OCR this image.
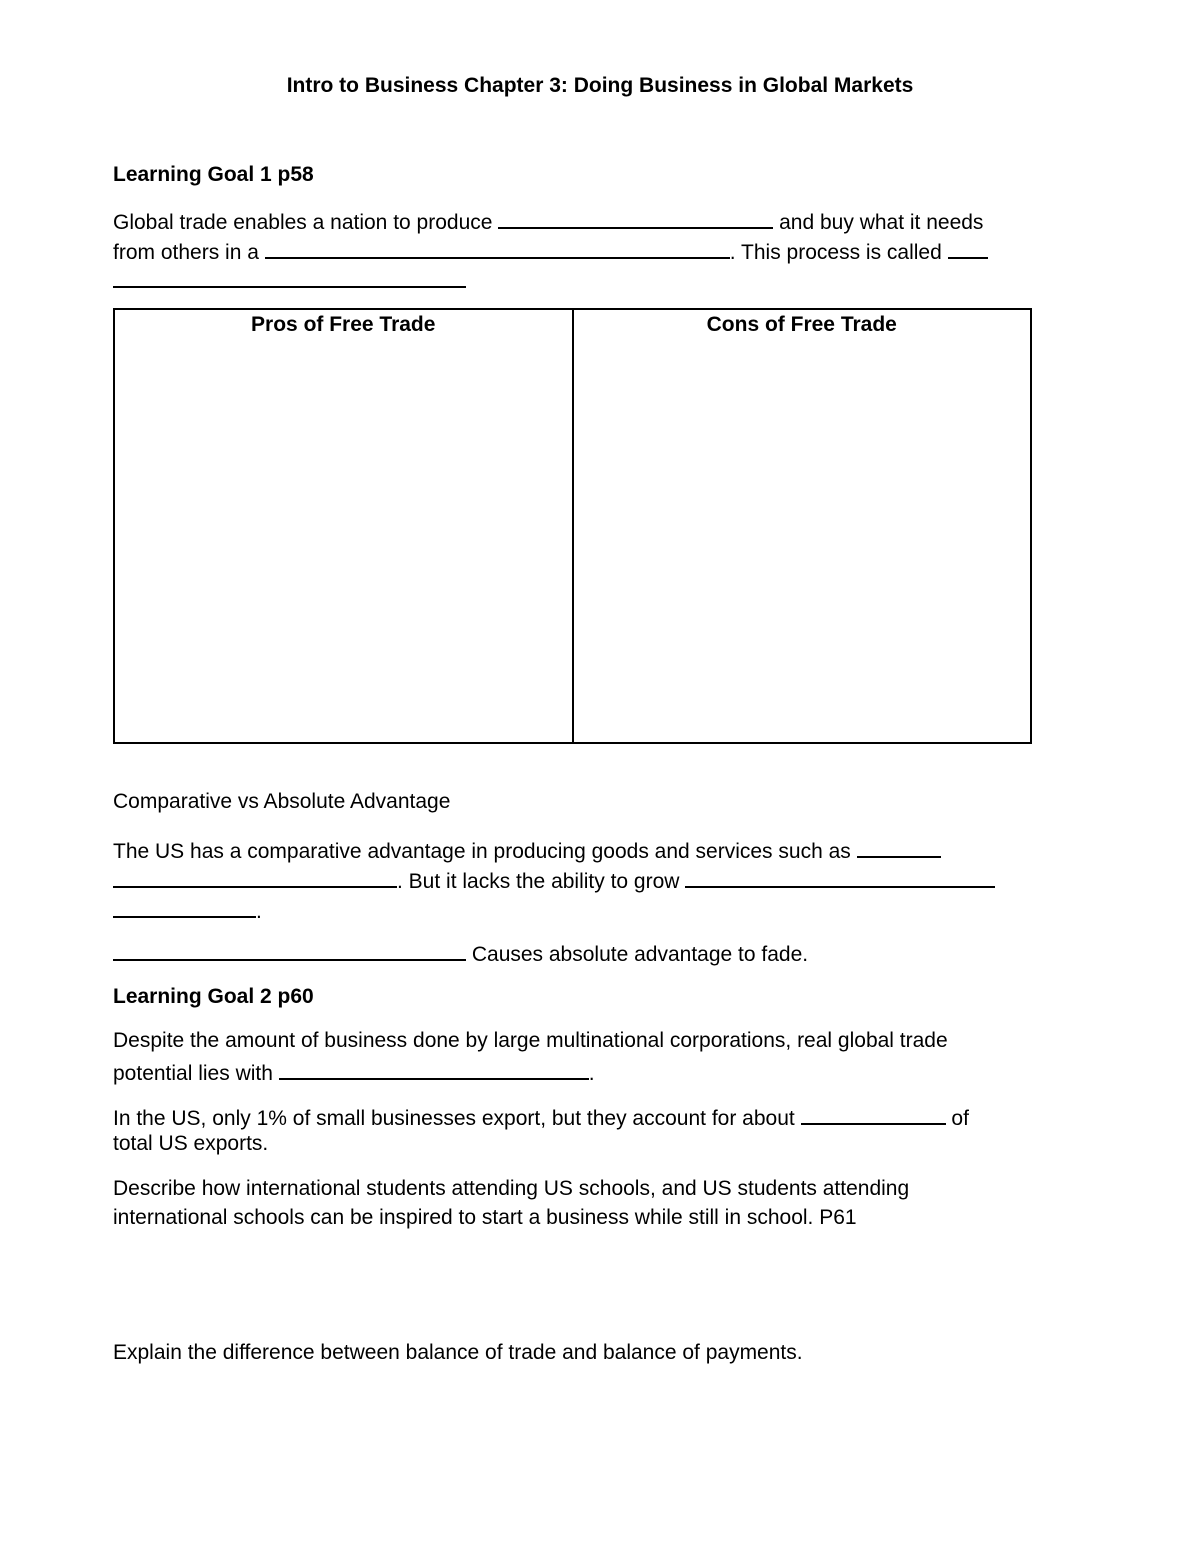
Intro to Business Chapter 3: Doing Business in Global Markets
Learning Goal 1 p58
Global trade enables a nation to produce	and buy what it needs
from others in a	. This process is called
Pros of Free Trade	Cons of Free Trade
Comparative vs Absolute Advantage
The US has a comparative advantage in producing goods and services such as
. But it lacks the ability to grow
.
Causes absolute advantage to fade.
Learning Goal 2 p60
Despite the amount of business done by large multinational corporations, real global trade
potential lies with	.
In the US, only 1% of small businesses export, but they account for about	of
total US exports.
Describe how international students attending US schools, and US students attending
international schools can be inspired to start a business while still in school. P61
Explain the difference between balance of trade and balance of payments.
